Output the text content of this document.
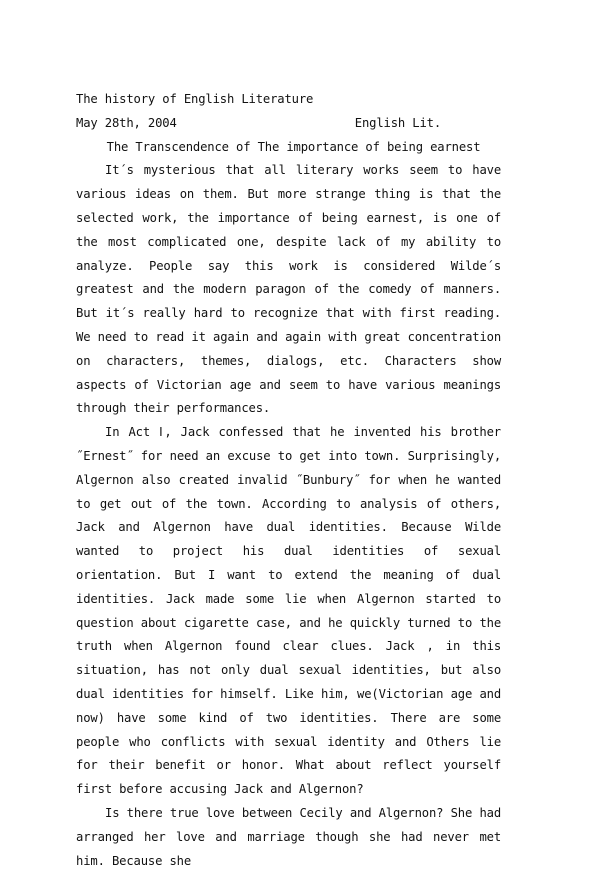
The history of English Literature
May 28th, 2004	English Lit.
The Transcendence of The importance of being earnest

It´s mysterious that all literary works seem to have various ideas on them. But more strange thing is that the selected work, the importance of being earnest, is one of the most complicated one, despite lack of my ability to analyze. People say this work is considered Wilde´s greatest and the modern paragon of the comedy of manners. But it´s really hard to recognize that with first reading. We need to read it again and again with great concentration on characters, themes, dialogs, etc. Characters show aspects of Victorian age and seem to have various meanings through their performances.

In Act Ⅰ, Jack confessed that he invented his brother ˝Ernest˝ for need an excuse to get into town. Surprisingly, Algernon also created invalid ˝Bunbury˝ for when he wanted to get out of the town. According to analysis of others, Jack and Algernon have dual identities. Because Wilde wanted to project his dual identities of sexual orientation. But I want to extend the meaning of dual identities. Jack made some lie when Algernon started to question about cigarette case, and he quickly turned to the truth when Algernon found clear clues. Jack , in this situation, has not only dual sexual identities, but also dual identities for himself. Like him, we(Victorian age and now) have some kind of two identities. There are some people who conflicts with sexual identity and Others lie for their benefit or honor. What about reflect yourself first before accusing Jack and Algernon?

Is there true love between Cecily and Algernon? She had arranged her love and marriage though she had never met him. Because she
